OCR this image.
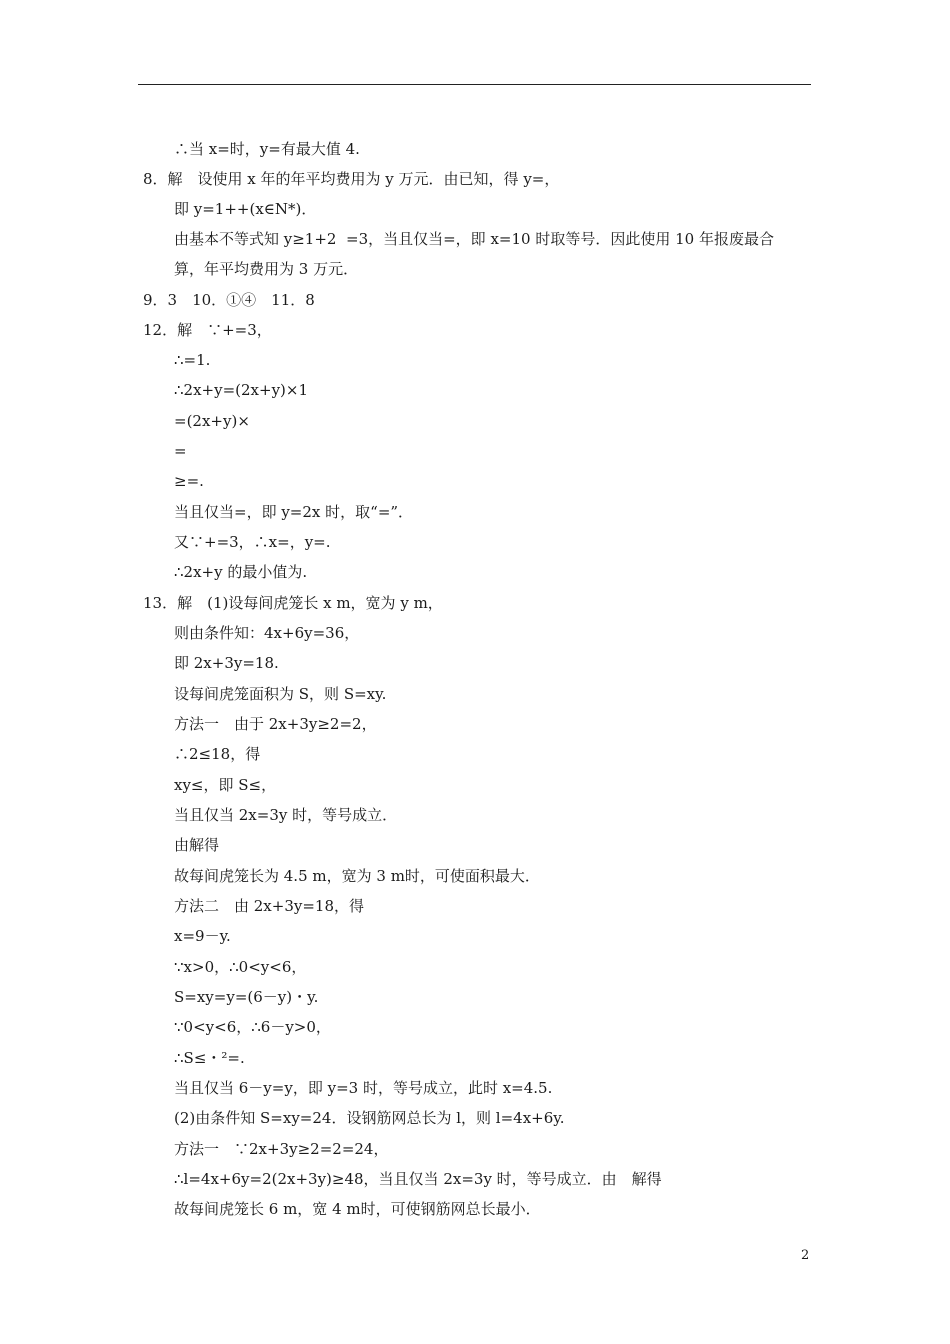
∴当 x=时，y=有最大值 4.
8．解　设使用 x 年的年平均费用为 y 万元．由已知，得 y=，
即 y=1++(x∈N*)．
由基本不等式知 y≥1+2  =3，当且仅当=，即 x=10 时取等号．因此使用 10 年报废最合
算，年平均费用为 3 万元．
9．3　10．①④　11．8
12．解　∵+=3，
∴=1.
∴2x+y=(2x+y)×1
=(2x+y)×
=
≥=.
当且仅当=，即 y=2x 时，取“=”．
又∵+=3，∴x=，y=.
∴2x+y 的最小值为.
13．解　(1)设每间虎笼长 x m，宽为 y m，
则由条件知：4x+6y=36，
即 2x+3y=18.
设每间虎笼面积为 S，则 S=xy.
方法一　由于 2x+3y≥2=2，
∴2≤18，得
xy≤，即 S≤，
当且仅当 2x=3y 时，等号成立．
由解得
故每间虎笼长为 4.5 m，宽为 3 m时，可使面积最大．
方法二　由 2x+3y=18，得
x=9－y.
∵x>0，∴0<y<6，
S=xy=y=(6－y)・y.
∵0<y<6，∴6－y>0，
∴S≤・²=.
当且仅当 6－y=y，即 y=3 时，等号成立，此时 x=4.5.
(2)由条件知 S=xy=24．设钢筋网总长为 l，则 l=4x+6y.
方法一　∵2x+3y≥2=2=24，
∴l=4x+6y=2(2x+3y)≥48，当且仅当 2x=3y 时，等号成立．由　解得
故每间虎笼长 6 m，宽 4 m时，可使钢筋网总长最小．
2
